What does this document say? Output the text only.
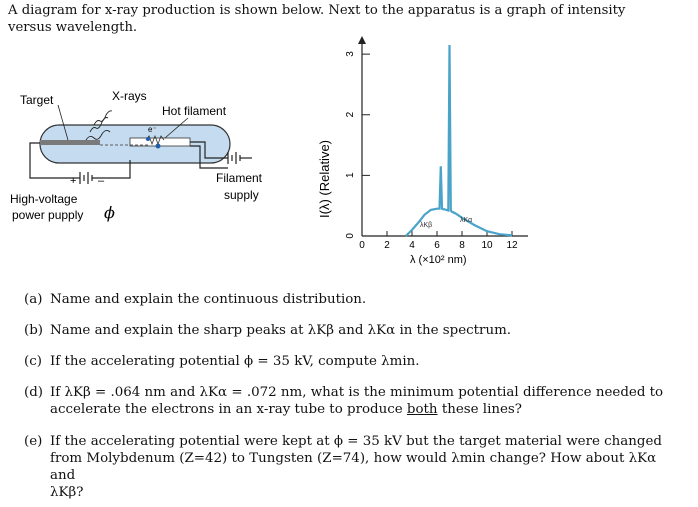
A diagram for x-ray production is shown below. Next to the apparatus is a graph of intensity
versus wavelength.
e⁻
+ –
Target	X-rays
Hot filament
Filament
supply
High-voltage
power pupply ϕ
0
1
2
3
0 2 4 6 8 10 12
λKβ
λKα
I(λ) (Relative)
λ (×10² nm)
(a) Name and explain the continuous distribution.
(b) Name and explain the sharp peaks at λKβ and λKα in the spectrum.
(c) If the accelerating potential ϕ = 35 kV, compute λmin.
(d) If λKβ = .064 nm and λKα = .072 nm, what is the minimum potential difference needed to
accelerate the electrons in an x-ray tube to produce both these lines?
(e) If the accelerating potential were kept at ϕ = 35 kV but the target material were changed
from Molybdenum (Z=42) to Tungsten (Z=74), how would λmin change? How about λKα and
λKβ?
